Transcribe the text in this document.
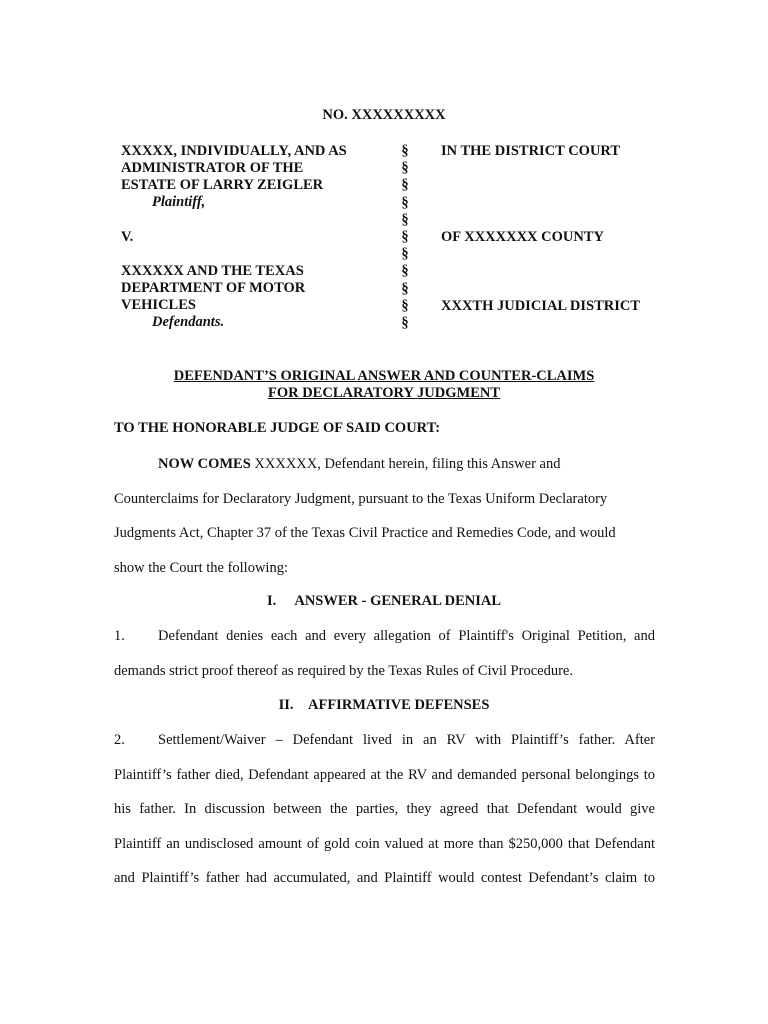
NO. XXXXXXXXX
XXXXX, INDIVIDUALLY, AND AS
ADMINISTRATOR OF THE
ESTATE OF LARRY ZEIGLER
Plaintiff,
V.
XXXXXX AND THE TEXAS
DEPARTMENT OF MOTOR
VEHICLES
Defendants.
§
§
§
§
§
§
§
§
§
§
§
IN THE DISTRICT COURT
OF XXXXXXX COUNTY
XXXTH JUDICIAL DISTRICT
DEFENDANT’S ORIGINAL ANSWER AND COUNTER-CLAIMS
FOR DECLARATORY JUDGMENT
TO THE HONORABLE JUDGE OF SAID COURT:
NOW COMES XXXXXX, Defendant herein, filing this Answer and
Counterclaims for Declaratory Judgment, pursuant to the Texas Uniform Declaratory
Judgments Act, Chapter 37 of the Texas Civil Practice and Remedies Code, and would
show the Court the following:
I. ANSWER - GENERAL DENIAL
1.	Defendant denies each and every allegation of Plaintiff's Original Petition, and
demands strict proof thereof as required by the Texas Rules of Civil Procedure.
II. AFFIRMATIVE DEFENSES
2.	Settlement/Waiver – Defendant lived in an RV with Plaintiff’s father. After
Plaintiff’s father died, Defendant appeared at the RV and demanded personal belongings to
his father. In discussion between the parties, they agreed that Defendant would give
Plaintiff an undisclosed amount of gold coin valued at more than $250,000 that Defendant
and Plaintiff’s father had accumulated, and Plaintiff would contest Defendant’s claim to
